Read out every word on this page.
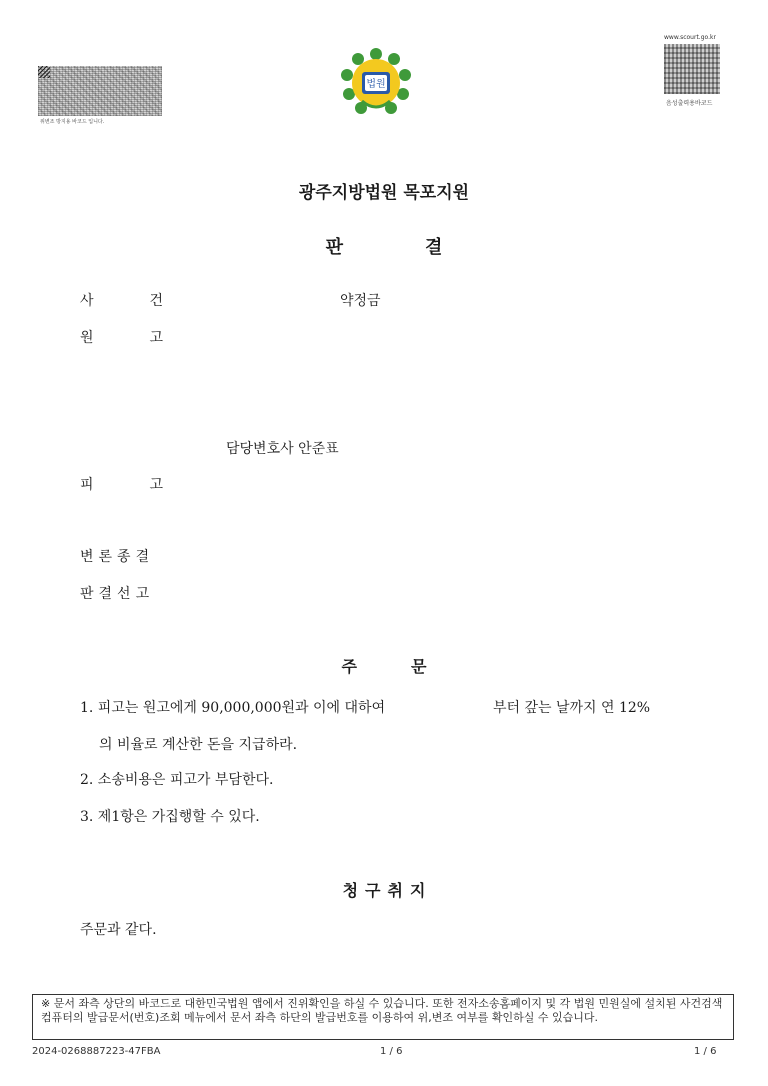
위변조 방지용 바코드 입니다.
법원
www.scourt.go.kr
음성출력용바코드
광주지방법원 목포지원
판결
사건	약정금
원고
담당변호사 안준표
피고
변론종결
판결선고
주문
1. 피고는 원고에게 90,000,000원과 이에 대하여	부터 갚는 날까지 연 12%
의 비율로 계산한 돈을 지급하라.
2. 소송비용은 피고가 부담한다.
3. 제1항은 가집행할 수 있다.
청구취지
주문과 같다.
※ 문서 좌측 상단의 바코드로 대한민국법원 앱에서 진위확인을 하실 수 있습니다. 또한 전자소송홈페이지 및 각 법원 민원실에 설치된 사건검색 컴퓨터의 발급문서(번호)조회 메뉴에서 문서 좌측 하단의 발급번호를 이용하여 위,변조 여부를 확인하실 수 있습니다.
2024-0268887223-47FBA	1 / 6	1 / 6
